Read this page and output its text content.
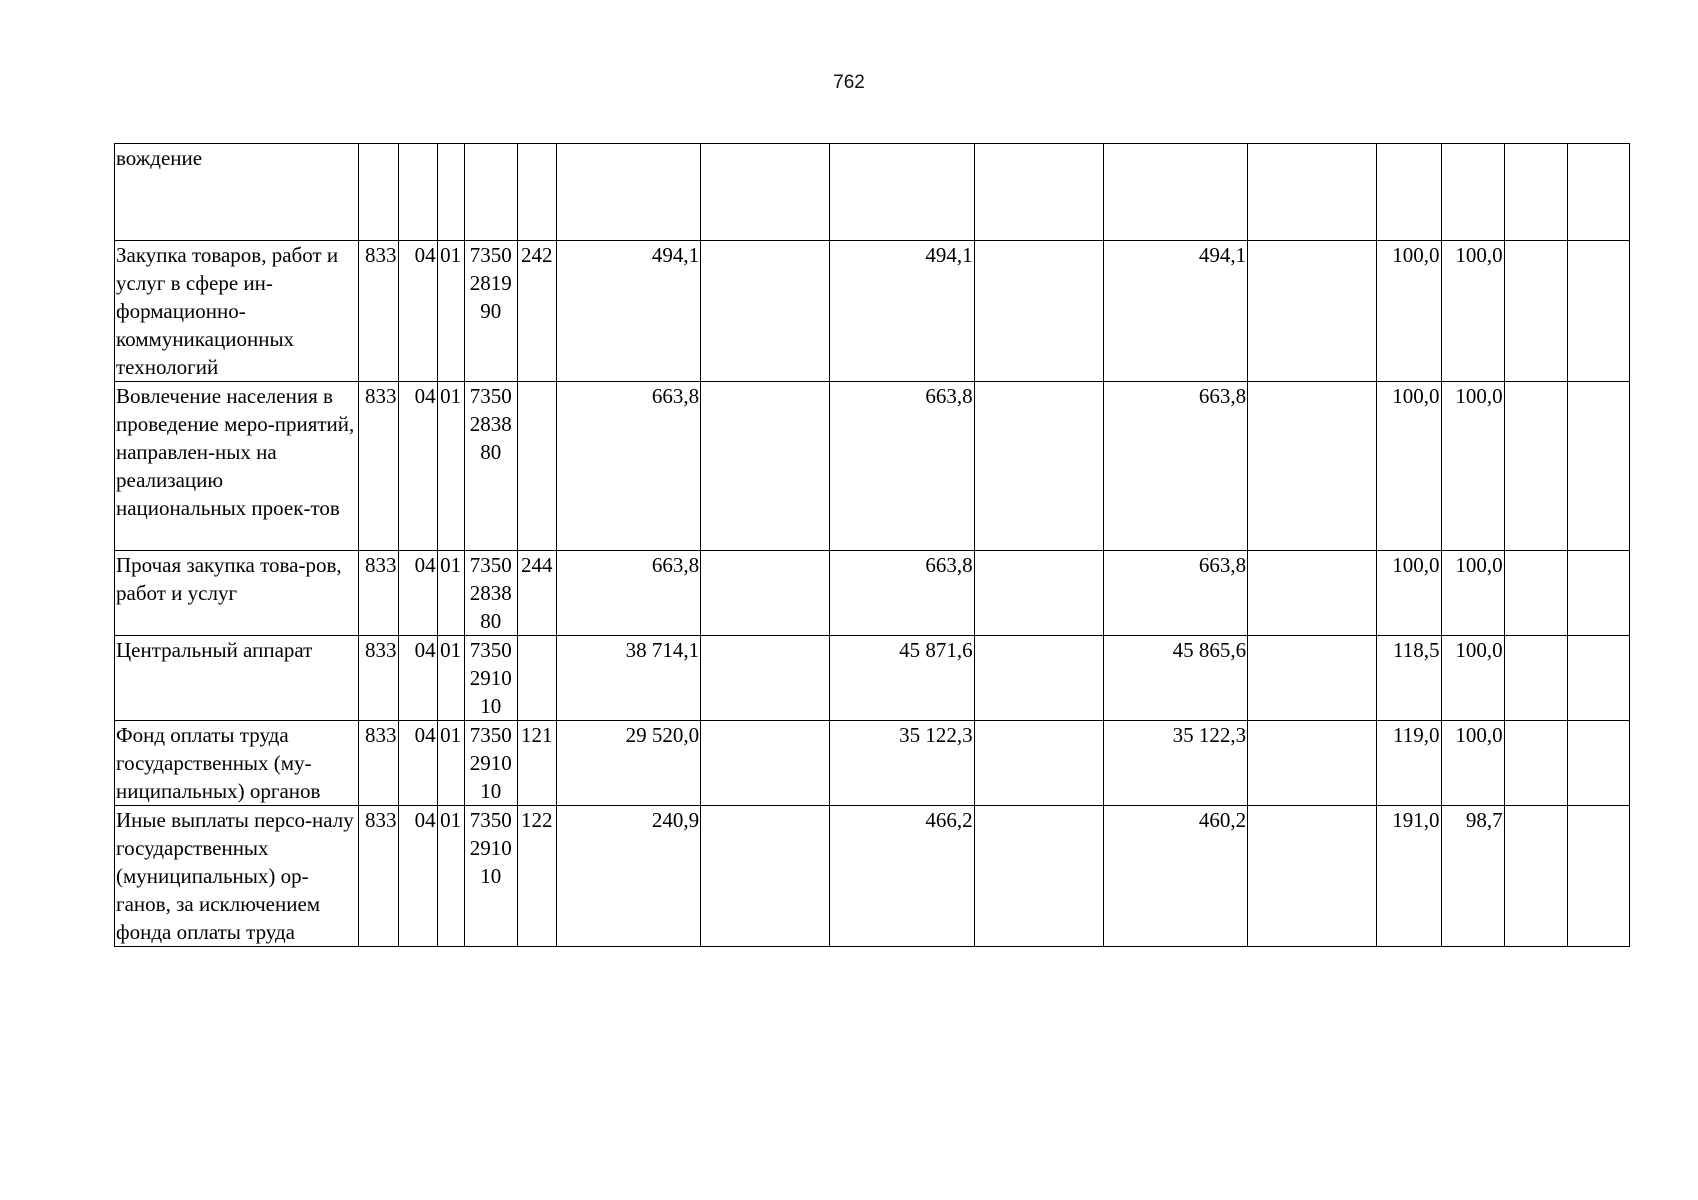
762
вождение															
Закупка товаров, работ и услуг в сфере ин-формационно-коммуникационных технологий	833	04	01	7350281990	242	494,1		494,1		494,1		100,0	100,0		
Вовлечение населения в проведение меро-приятий, направлен-ных на реализацию национальных проек-тов	833	04	01	7350283880		663,8		663,8		663,8		100,0	100,0		
Прочая закупка това-ров, работ и услуг	833	04	01	7350283880	244	663,8		663,8		663,8		100,0	100,0		
Центральный аппарат	833	04	01	7350291010		38 714,1		45 871,6		45 865,6		118,5	100,0		
Фонд оплаты труда государственных (му-ниципальных) органов	833	04	01	7350291010	121	29 520,0		35 122,3		35 122,3		119,0	100,0		
Иные выплаты персо-налу государственных (муниципальных) ор-ганов, за исключением фонда оплаты труда	833	04	01	7350291010	122	240,9		466,2		460,2		191,0	98,7		
